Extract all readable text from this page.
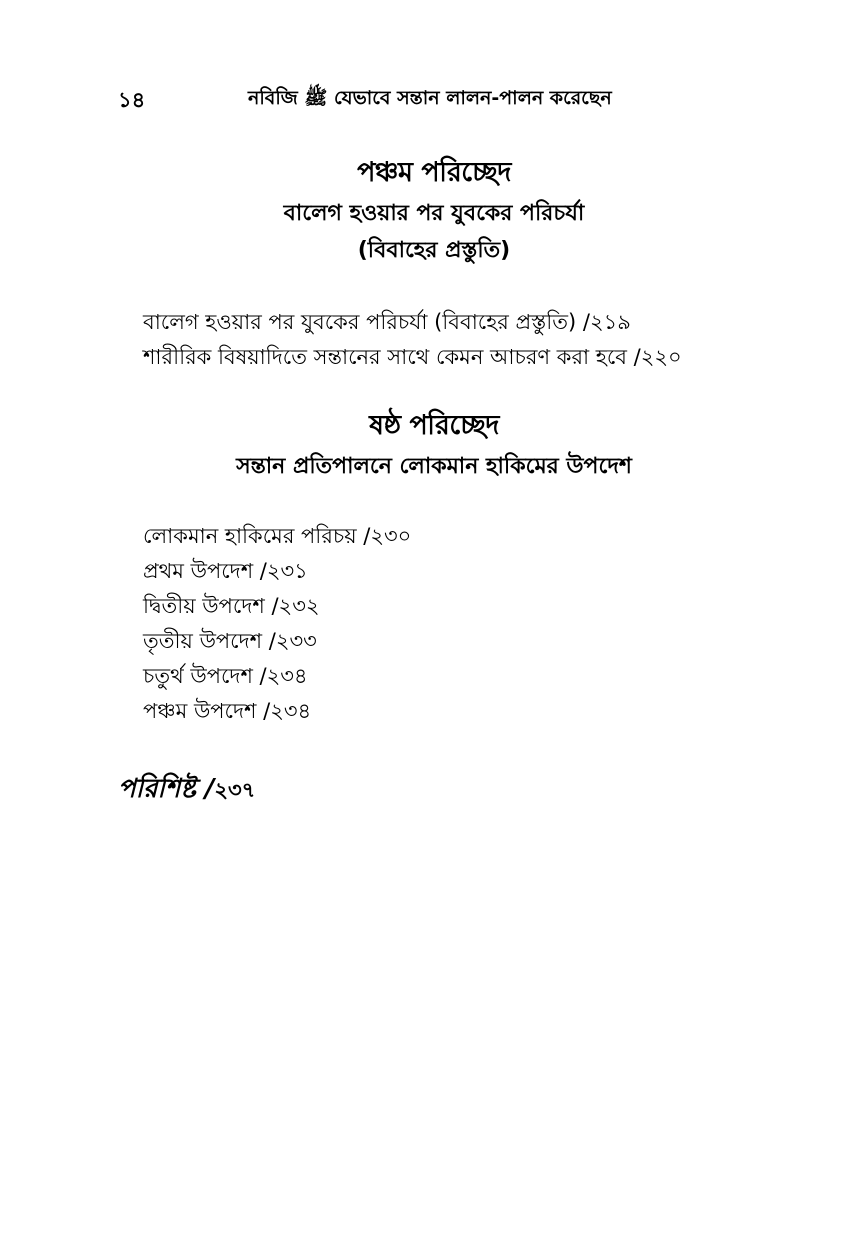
১৪	নবিজি ﷺ যেভাবে সন্তান লালন-পালন করেছেন
পঞ্চম পরিচ্ছেদ
বালেগ হওয়ার পর যুবকের পরিচর্যা
(বিবাহের প্রস্তুতি)
বালেগ হওয়ার পর যুবকের পরিচর্যা (বিবাহের প্রস্তুতি) /২১৯
শারীরিক বিষয়াদিতে সন্তানের সাথে কেমন আচরণ করা হবে /২২০
ষষ্ঠ পরিচ্ছেদ
সন্তান প্রতিপালনে লোকমান হাকিমের উপদেশ
লোকমান হাকিমের পরিচয় /২৩০
প্রথম উপদেশ /২৩১
দ্বিতীয় উপদেশ /২৩২
তৃতীয় উপদেশ /২৩৩
চতুর্থ উপদেশ /২৩৪
পঞ্চম উপদেশ /২৩৪
পরিশিষ্ট /২৩৭
